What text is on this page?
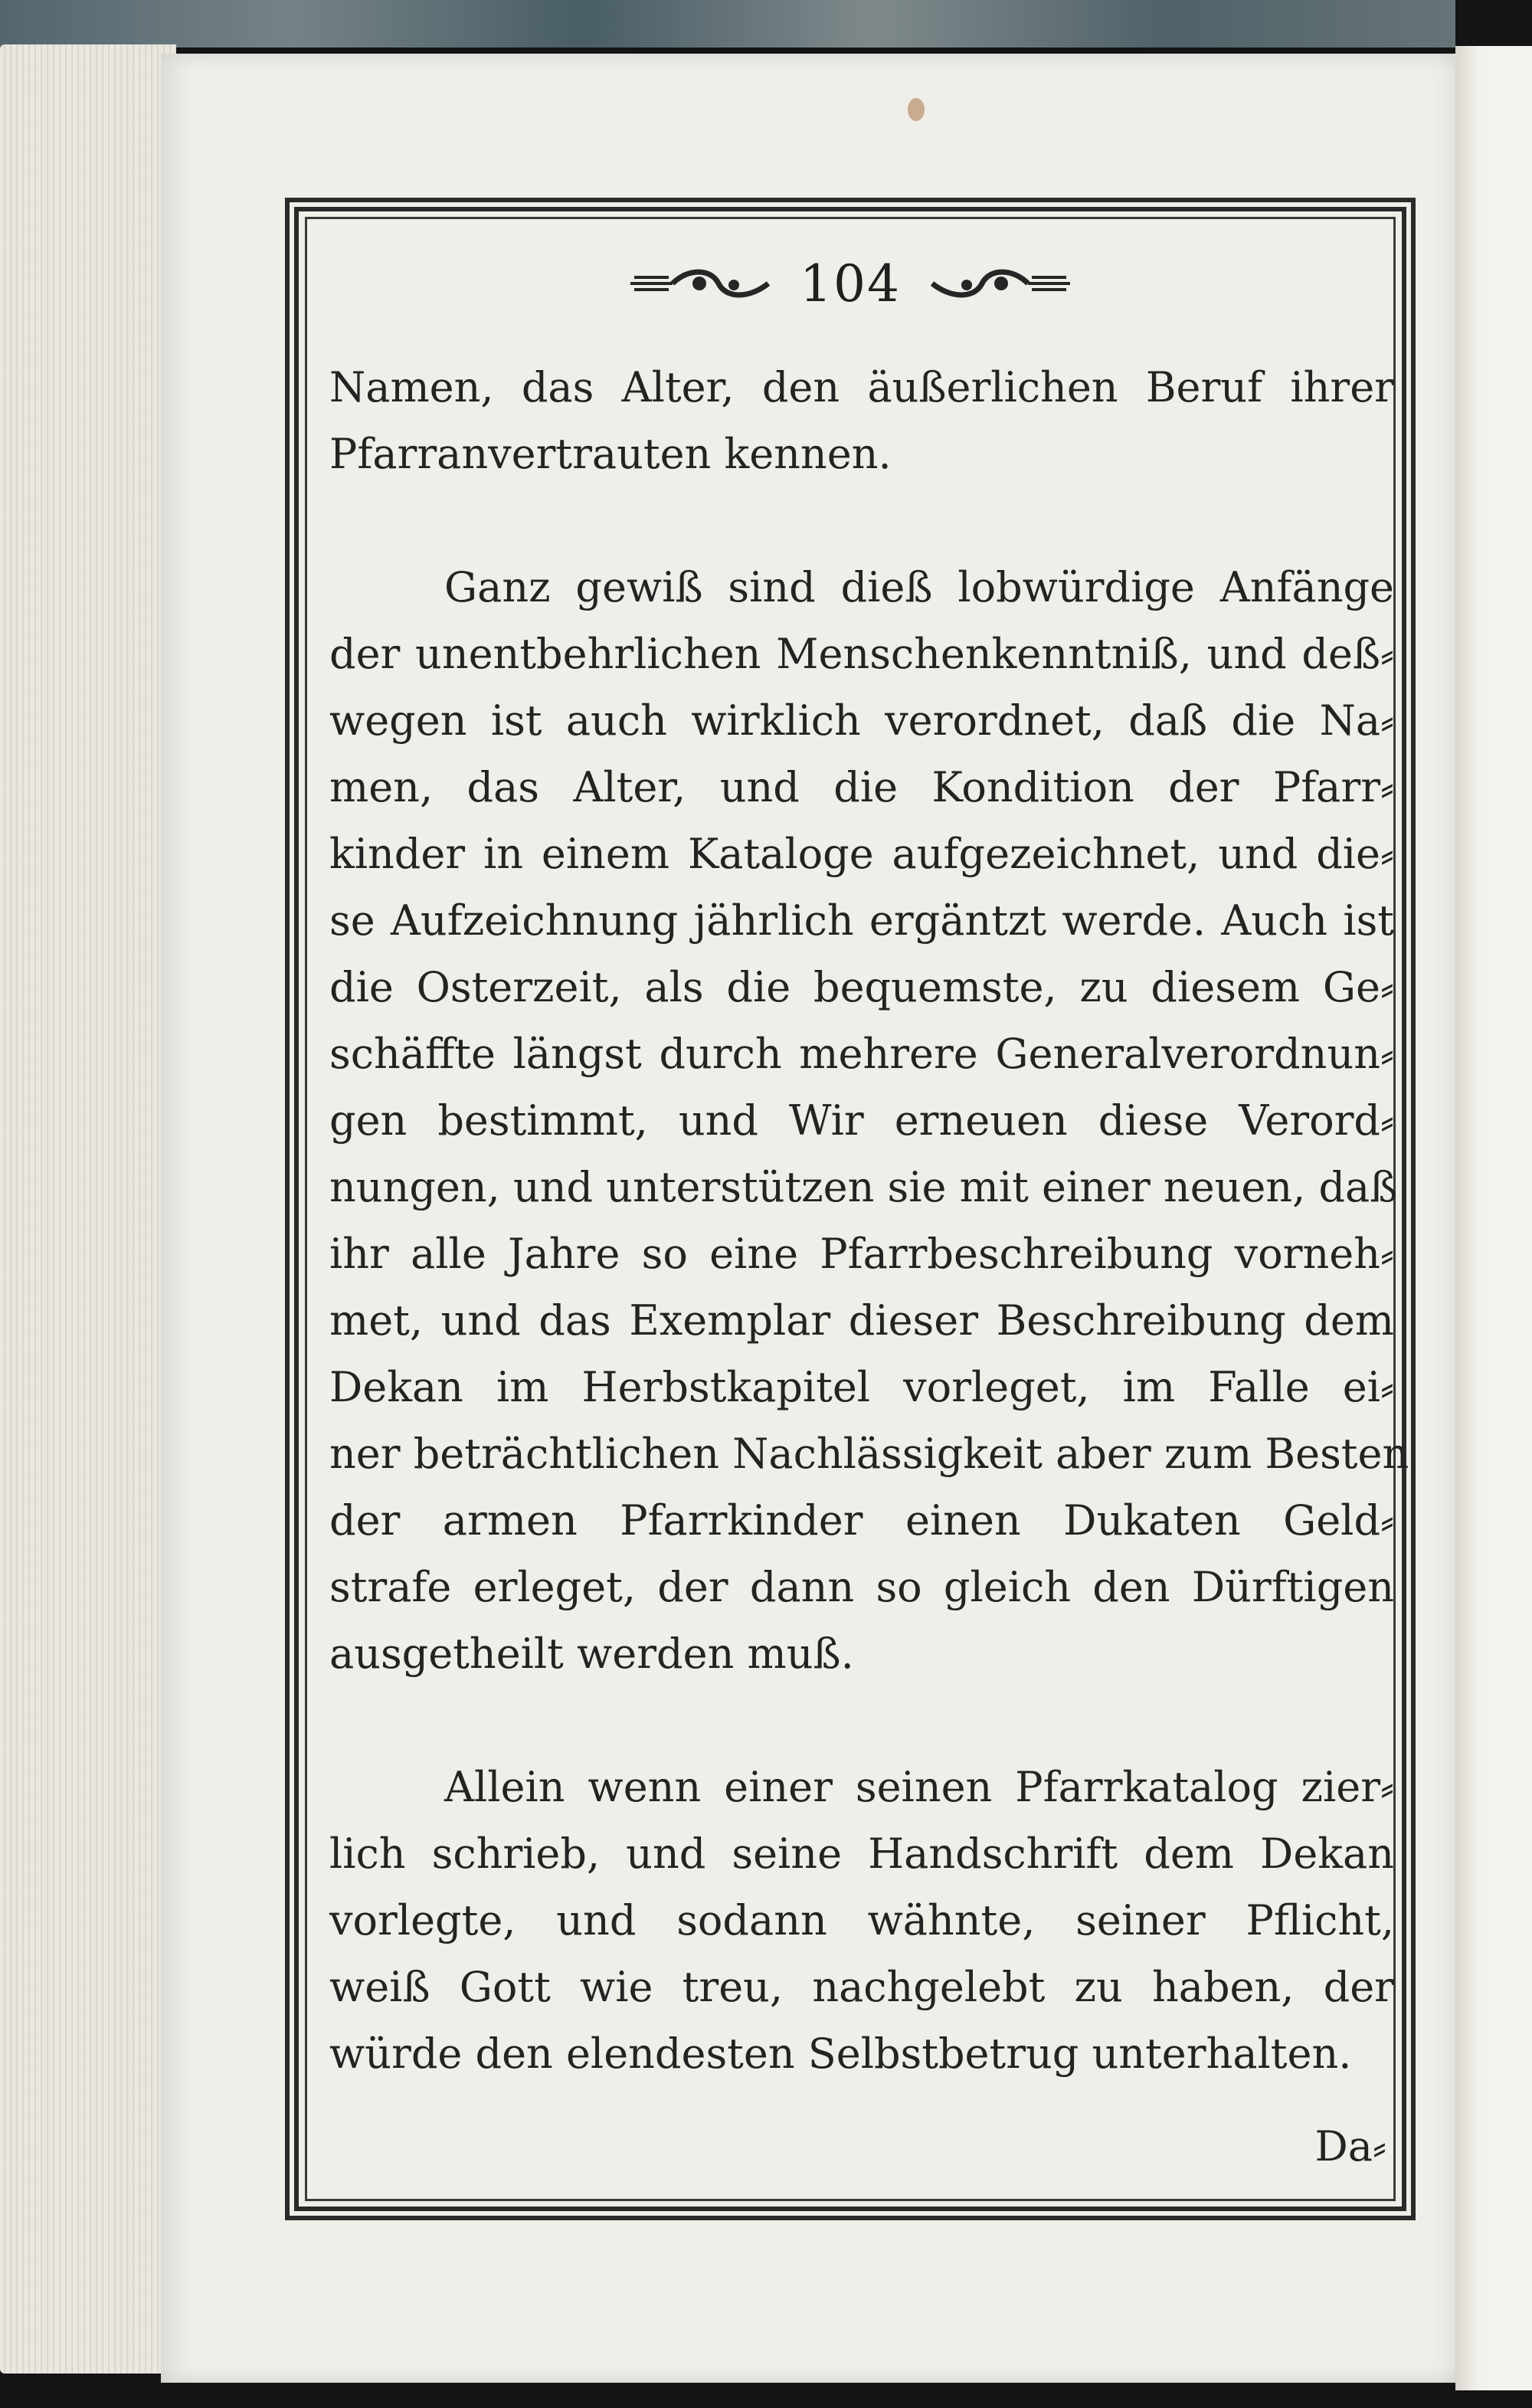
104
Namen, das Alter, den äußerlichen Beruf ihrer
Pfarranvertrauten kennen.
Ganz gewiß sind dieß lobwürdige Anfänge
der unentbehrlichen Menschenkenntniß, und deß⸗
wegen ist auch wirklich verordnet, daß die Na⸗
men, das Alter, und die Kondition der Pfarr⸗
kinder in einem Kataloge aufgezeichnet, und die⸗
se Aufzeichnung jährlich ergäntzt werde. Auch ist
die Osterzeit, als die bequemste, zu diesem Ge⸗
schäffte längst durch mehrere Generalverordnun⸗
gen bestimmt, und Wir erneuen diese Verord⸗
nungen, und unterstützen sie mit einer neuen, daß
ihr alle Jahre so eine Pfarrbeschreibung vorneh⸗
met, und das Exemplar dieser Beschreibung dem
Dekan im Herbstkapitel vorleget, im Falle ei⸗
ner beträchtlichen Nachlässigkeit aber zum Besten
der armen Pfarrkinder einen Dukaten Geld⸗
strafe erleget, der dann so gleich den Dürftigen
ausgetheilt werden muß.
Allein wenn einer seinen Pfarrkatalog zier⸗
lich schrieb, und seine Handschrift dem Dekan
vorlegte, und sodann wähnte, seiner Pflicht,
weiß Gott wie treu, nachgelebt zu haben, der
würde den elendesten Selbstbetrug unterhalten.
Da⸗
